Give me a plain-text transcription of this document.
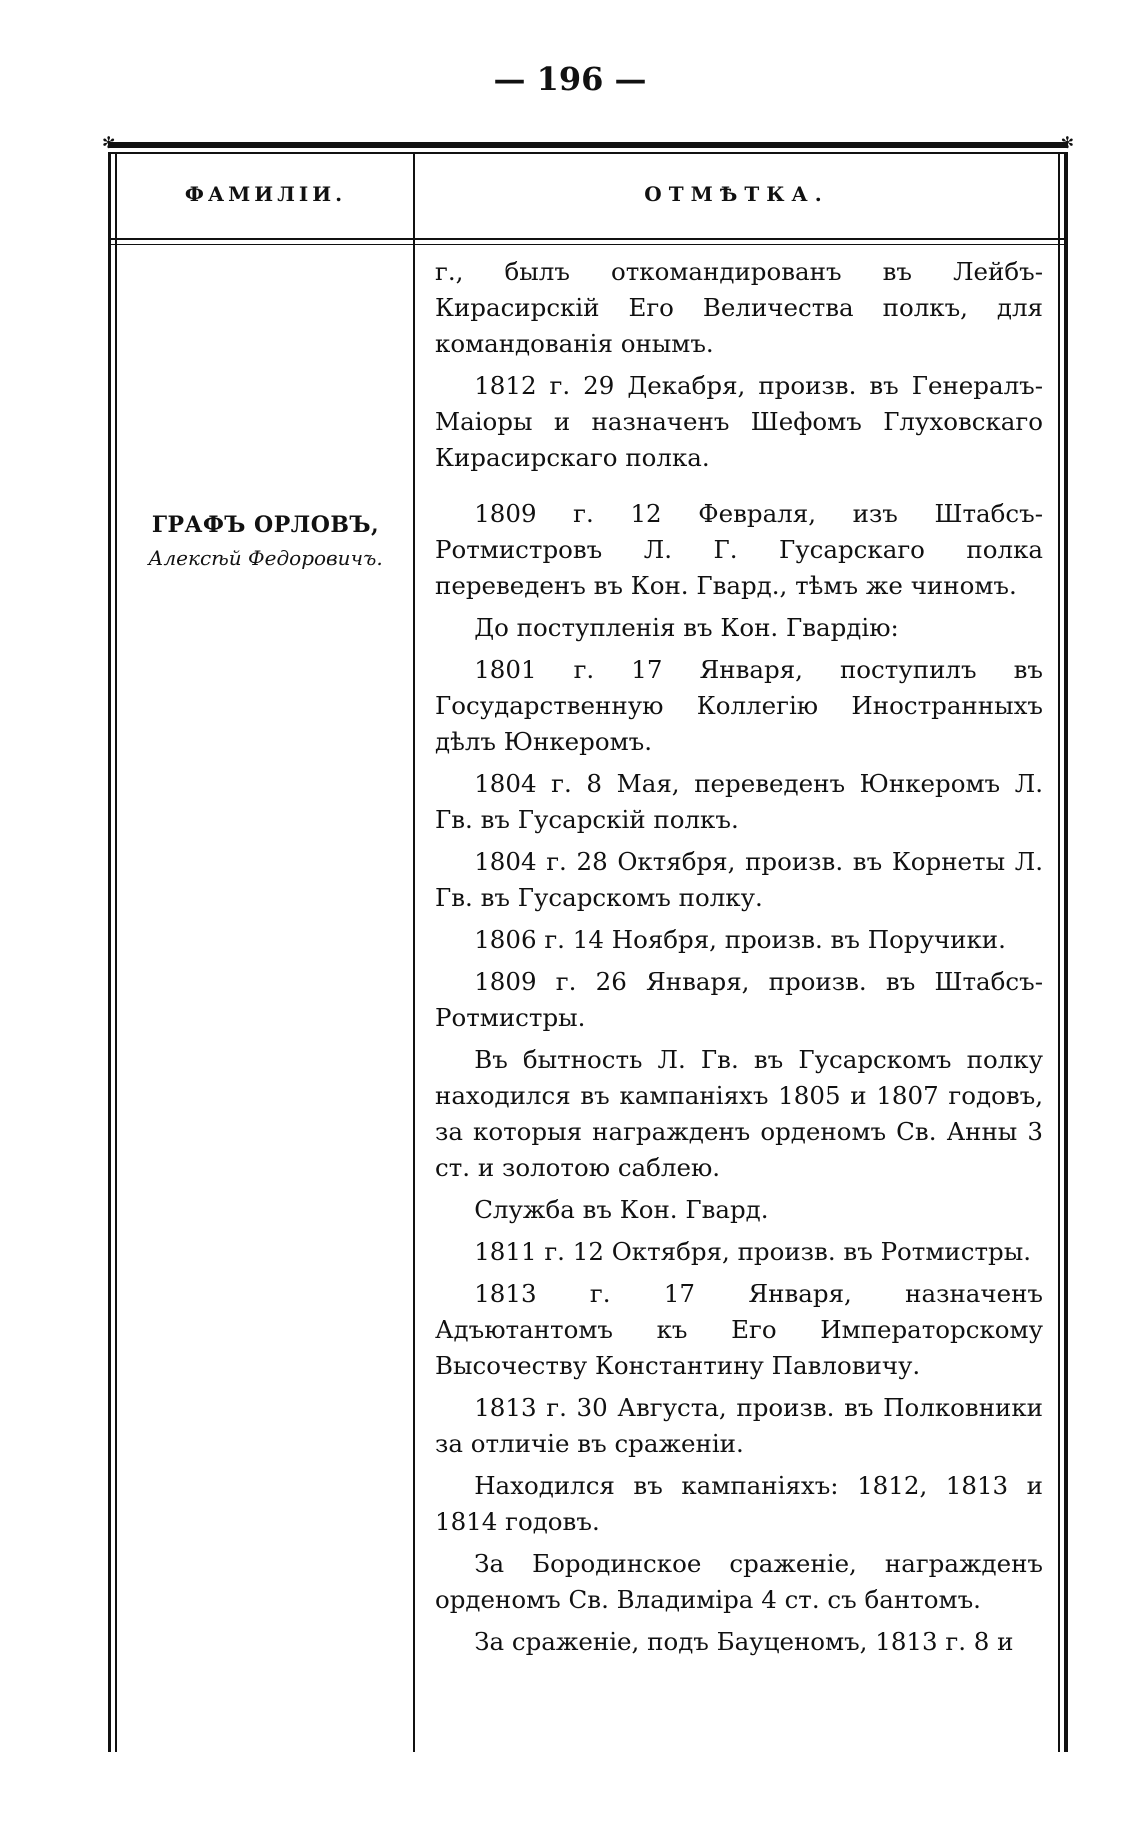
— 196 —
✻	✻
ФАМИЛІИ.	ОТМѢТКА.
ГРАФЪ ОРЛОВЪ,
Алексѣй Федоровичъ.

г., былъ откомандированъ въ Лейбъ-Кирасирскій Его Величества полкъ, для командованія онымъ.

1812 г. 29 Декабря, произв. въ Генералъ-Маіоры и назначенъ Шефомъ Глуховскаго Кирасирскаго полка.

1809 г. 12 Февраля, изъ Штабсъ-Ротмистровъ Л. Г. Гусарскаго полка переведенъ въ Кон. Гвард., тѣмъ же чиномъ.

До поступленія въ Кон. Гвардію:

1801 г. 17 Января, поступилъ въ Государственную Коллегію Иностранныхъ дѣлъ Юнкеромъ.

1804 г. 8 Мая, переведенъ Юнкеромъ Л. Гв. въ Гусарскій полкъ.

1804 г. 28 Октября, произв. въ Корнеты Л. Гв. въ Гусарскомъ полку.

1806 г. 14 Ноября, произв. въ Поручики.

1809 г. 26 Января, произв. въ Штабсъ-Ротмистры.

Въ бытность Л. Гв. въ Гусарскомъ полку находился въ кампаніяхъ 1805 и 1807 годовъ, за которыя награжденъ орденомъ Св. Анны 3 ст. и золотою саблею.

Служба въ Кон. Гвард.

1811 г. 12 Октября, произв. въ Ротмистры.

1813 г. 17 Января, назначенъ Адъютантомъ къ Его Императорскому Высочеству Константину Павловичу.

1813 г. 30 Августа, произв. въ Полковники за отличіе въ сраженіи.

Находился въ кампаніяхъ: 1812, 1813 и 1814 годовъ.

За Бородинское сраженіе, награжденъ орденомъ Св. Владиміра 4 ст. съ бантомъ.

За сраженіе, подъ Бауценомъ, 1813 г. 8 и
